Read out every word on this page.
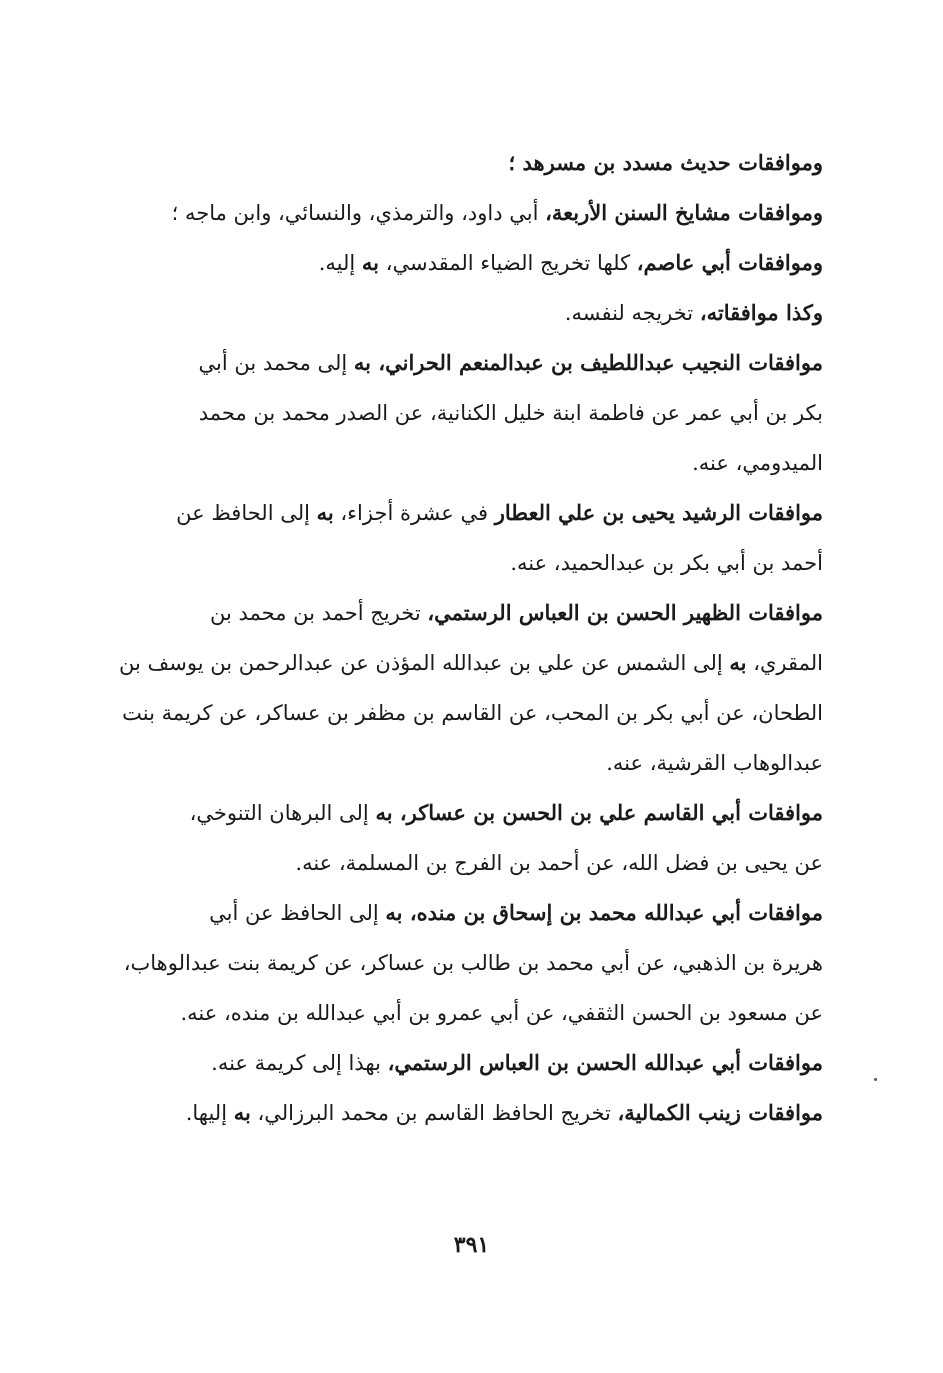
وموافقات حديث مسدد بن مسرهد ؛
وموافقات مشايخ السنن الأربعة، أبي داود، والترمذي، والنسائي، وابن ماجه ؛
وموافقات أبي عاصم، كلها تخريج الضياء المقدسي، به إليه.
وكذا موافقاته، تخريجه لنفسه.
موافقات النجيب عبداللطيف بن عبدالمنعم الحراني، به إلى محمد بن أبي
بكر بن أبي عمر عن فاطمة ابنة خليل الكنانية، عن الصدر محمد بن محمد
الميدومي، عنه.
موافقات الرشيد يحيى بن علي العطار في عشرة أجزاء، به إلى الحافظ عن
أحمد بن أبي بكر بن عبدالحميد، عنه.
موافقات الظهير الحسن بن العباس الرستمي، تخريج أحمد بن محمد بن
المقري، به إلى الشمس عن علي بن عبدالله المؤذن عن عبدالرحمن بن يوسف بن
الطحان، عن أبي بكر بن المحب، عن القاسم بن مظفر بن عساكر، عن كريمة بنت
عبدالوهاب القرشية، عنه.
موافقات أبي القاسم علي بن الحسن بن عساكر، به إلى البرهان التنوخي،
عن يحيى بن فضل الله، عن أحمد بن الفرج بن المسلمة، عنه.
موافقات أبي عبدالله محمد بن إسحاق بن منده، به إلى الحافظ عن أبي
هريرة بن الذهبي، عن أبي محمد بن طالب بن عساكر، عن كريمة بنت عبدالوهاب،
عن مسعود بن الحسن الثقفي، عن أبي عمرو بن أبي عبدالله بن منده، عنه.
موافقات أبي عبدالله الحسن بن العباس الرستمي، بهذا إلى كريمة عنه.
موافقات زينب الكمالية، تخريج الحافظ القاسم بن محمد البرزالي، به إليها.
٣٩١
